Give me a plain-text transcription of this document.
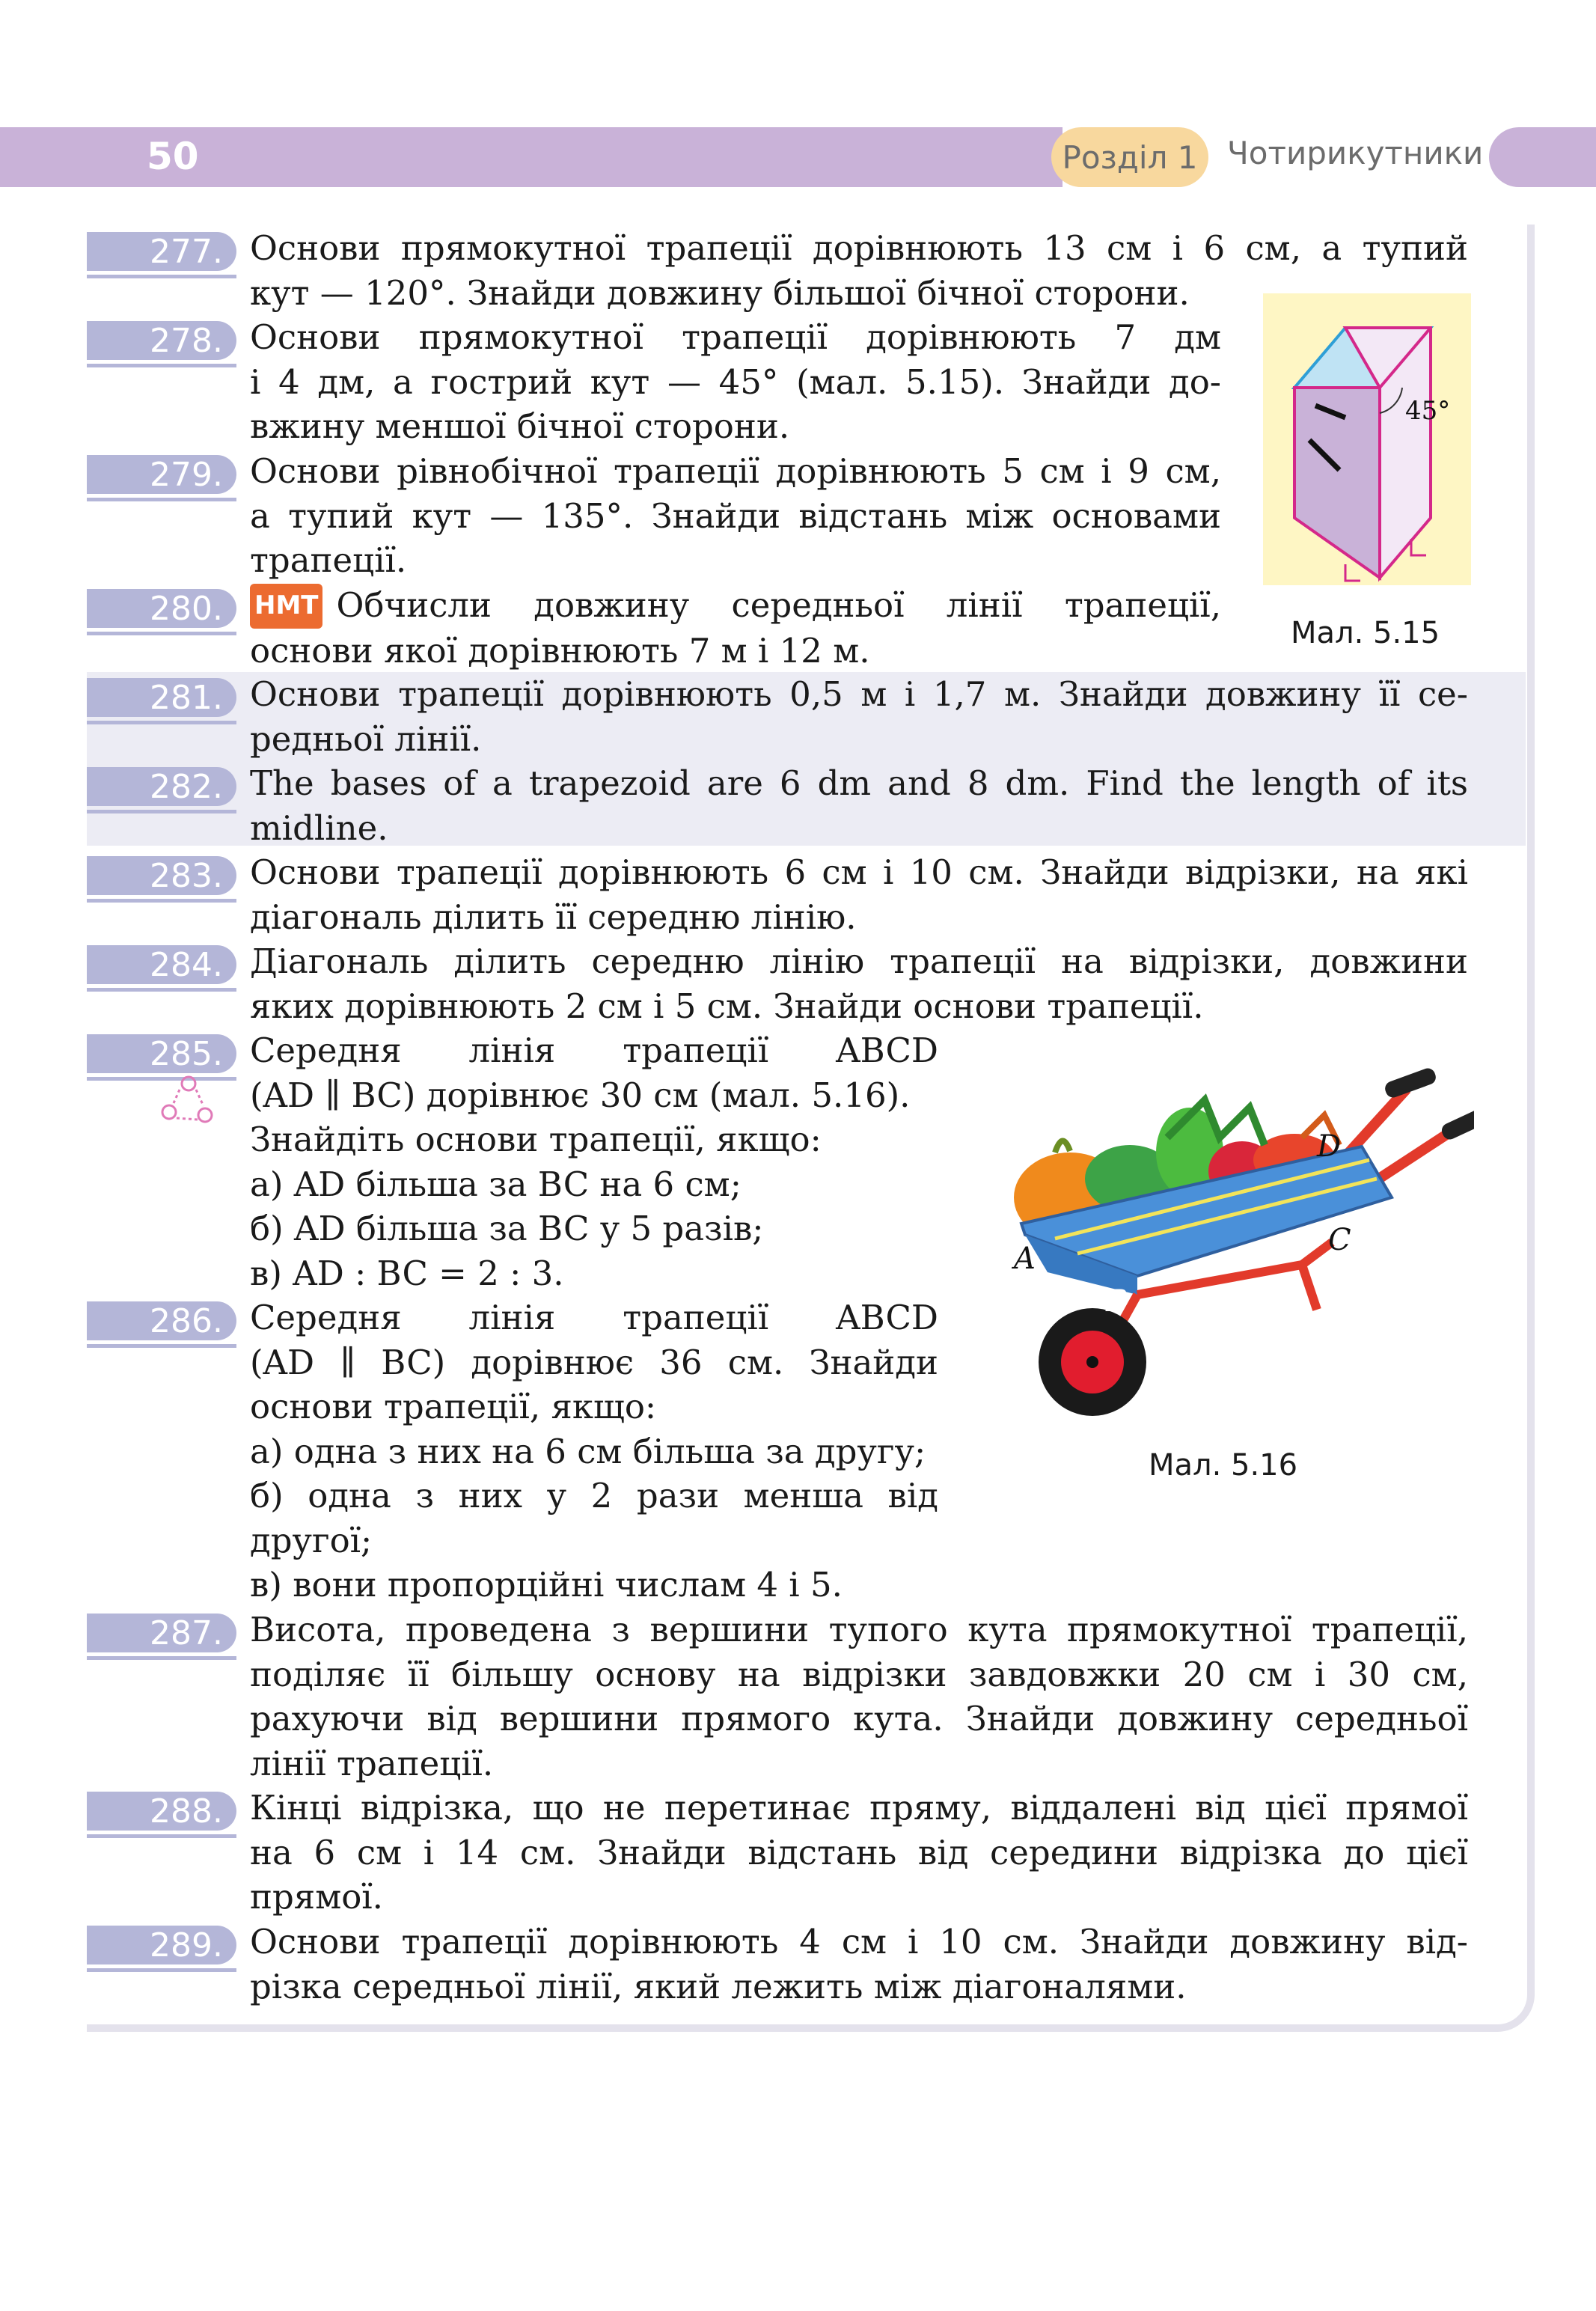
50	Розділ 1 Чотирикутники
277. Основи прямокутної трапеції дорівнюють 13 см і 6 см, а тупий
кут — 120°. Знайди довжину більшої бічної сторони.
278. Основи прямокутної трапеції дорівнюють 7 дм
і 4 дм, а гострий кут — 45° (мал. 5.15). Знайди до-
вжину меншої бічної сторони.
279. Основи рівнобічної трапеції дорівнюють 5 см і 9 см,
а тупий кут — 135°. Знайди відстань між основами
трапеції.
280.	НМТ Обчисли довжину середньої лінії трапеції,
основи якої дорівнюють 7 м і 12 м.
281. Основи трапеції дорівнюють 0,5 м і 1,7 м. Знайди довжину її се-
редньої лінії.
282. The bases of a trapezoid are 6 dm and 8 dm. Find the length of its
midline.
283. Основи трапеції дорівнюють 6 см і 10 см. Знайди відрізки, на які
діагональ ділить її середню лінію.
284. Діагональ ділить середню лінію трапеції на відрізки, довжини
яких дорівнюють 2 см і 5 см. Знайди основи трапеції.
285. Середня лінія трапеції ABCD
(AD ∥ BC) дорівнює 30 см (мал. 5.16).
Знайдіть основи трапеції, якщо:
а) AD більша за BC на 6 см;
б) AD більша за BC у 5 разів;
в) AD : BC = 2 : 3.
286. Середня лінія трапеції ABCD
(AD ∥ BC) дорівнює 36 см. Знайди
основи трапеції, якщо:
а) одна з них на 6 см більша за другу;
б) одна з них у 2 рази менша від
другої;
в) вони пропорційні числам 4 і 5.
287. Висота, проведена з вершини тупого кута прямокутної трапеції,
поділяє її більшу основу на відрізки завдовжки 20 см і 30 см,
рахуючи від вершини прямого кута. Знайди довжину середньої
лінії трапеції.
288. Кінці відрізка, що не перетинає пряму, віддалені від цієї прямої
на 6 см і 14 см. Знайди відстань від середини відрізка до цієї
прямої.
289. Основи трапеції дорівнюють 4 см і 10 см. Знайди довжину від-
різка середньої лінії, який лежить між діагоналями.
45°
Мал. 5.15
A
B
C
D
Мал. 5.16
